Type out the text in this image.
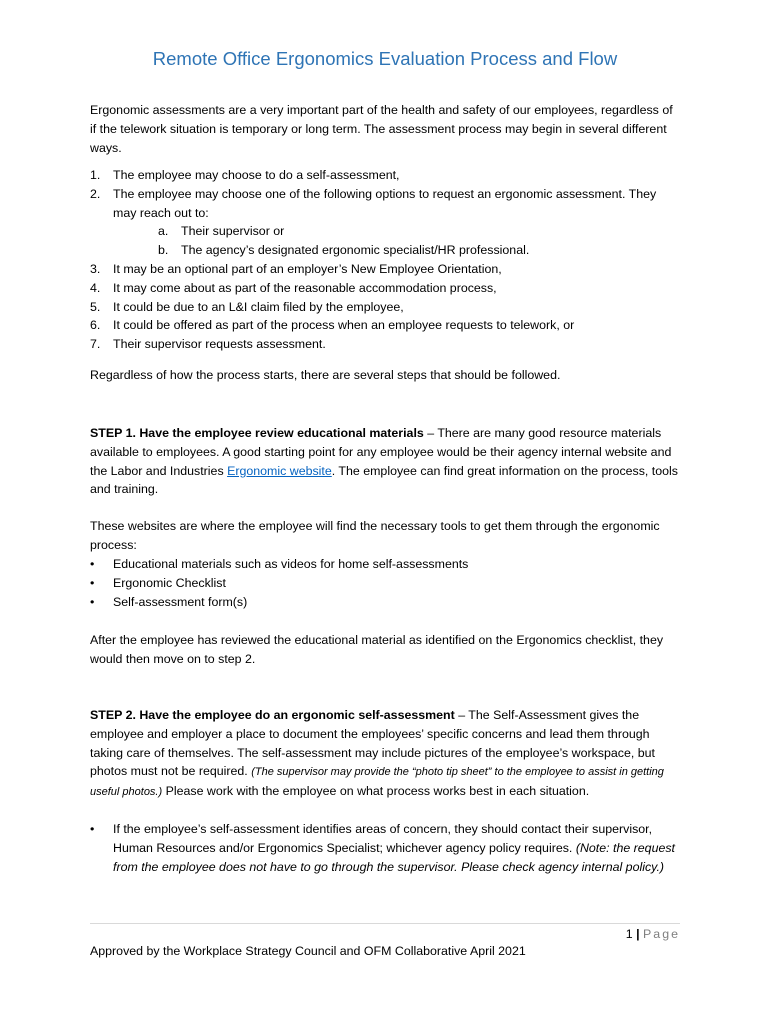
Remote Office Ergonomics Evaluation Process and Flow

Ergonomic assessments are a very important part of the health and safety of our employees, regardless of if the telework situation is temporary or long term. The assessment process may begin in several different ways.

1. The employee may choose to do a self-assessment,
2. The employee may choose one of the following options to request an ergonomic assessment. They may reach out to:
a. Their supervisor or
b. The agency’s designated ergonomic specialist/HR professional.
3. It may be an optional part of an employer’s New Employee Orientation,
4. It may come about as part of the reasonable accommodation process,
5. It could be due to an L&I claim filed by the employee,
6. It could be offered as part of the process when an employee requests to telework, or
7. Their supervisor requests assessment.

Regardless of how the process starts, there are several steps that should be followed.

STEP 1. Have the employee review educational materials – There are many good resource materials available to employees. A good starting point for any employee would be their agency internal website and the Labor and Industries Ergonomic website. The employee can find great information on the process, tools and training.

These websites are where the employee will find the necessary tools to get them through the ergonomic process:

• Educational materials such as videos for home self-assessments
• Ergonomic Checklist
• Self-assessment form(s)

After the employee has reviewed the educational material as identified on the Ergonomics checklist, they would then move on to step 2.

STEP 2. Have the employee do an ergonomic self-assessment – The Self-Assessment gives the employee and employer a place to document the employees’ specific concerns and lead them through taking care of themselves. The self-assessment may include pictures of the employee’s workspace, but photos must not be required. (The supervisor may provide the “photo tip sheet” to the employee to assist in getting useful photos.) Please work with the employee on what process works best in each situation.

• If the employee’s self-assessment identifies areas of concern, they should contact their supervisor, Human Resources and/or Ergonomics Specialist; whichever agency policy requires. (Note: the request from the employee does not have to go through the supervisor. Please check agency internal policy.)

1 | Page
Approved by the Workplace Strategy Council and OFM Collaborative April 2021
